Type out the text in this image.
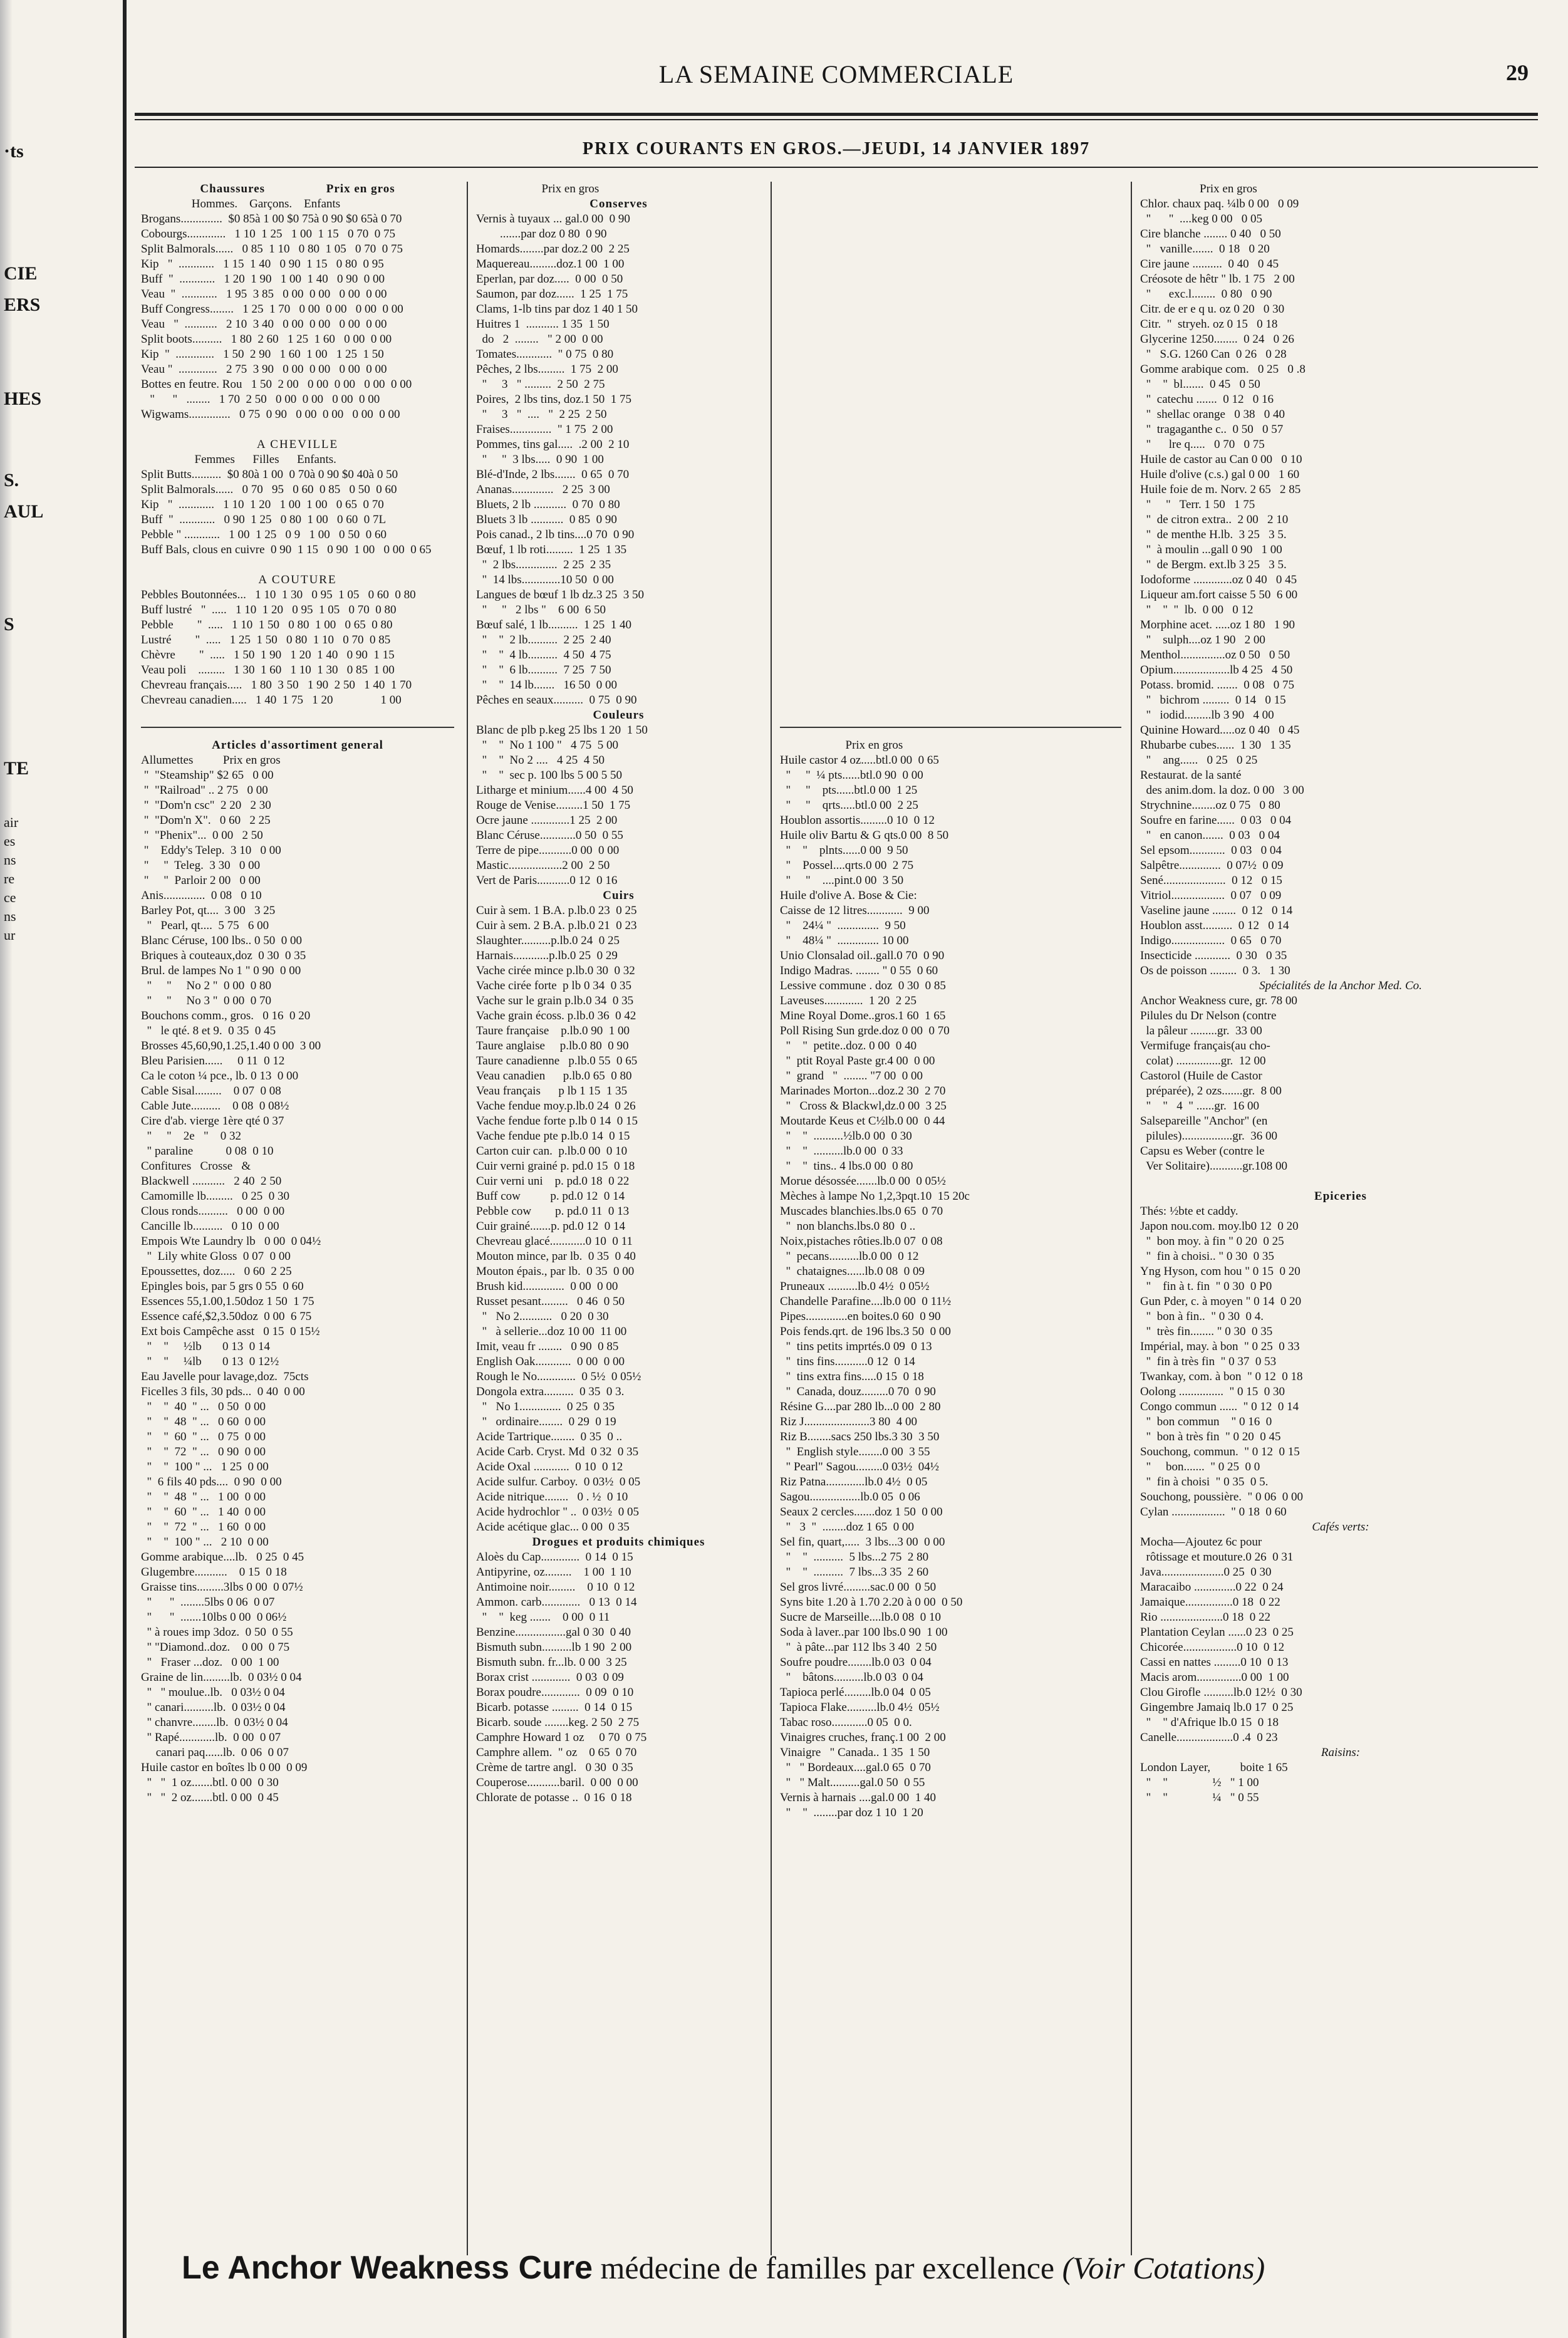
·ts
CIE
ERS
HES
S.
AUL
S
TE
air
es
ns
re
ce
ns
ur
LA SEMAINE COMMERCIALE	29
PRIX COURANTS EN GROS.—JEUDI, 14 JANVIER 1897
Chaussures                 Prix en gros
Hommes.    Garçons.    Enfants
Brogans..............  $0 85à 1 00 $0 75à 0 90 $0 65à 0 70
Cobourgs.............   1 10  1 25   1 00  1 15   0 70  0 75
Split Balmorals......   0 85  1 10   0 80  1 05   0 70  0 75
Kip   "  ............   1 15  1 40   0 90  1 15   0 80  0 95
Buff  "  ............   1 20  1 90   1 00  1 40   0 90  0 00
Veau  "  ............   1 95  3 85   0 00  0 00   0 00  0 00
Buff Congress........   1 25  1 70   0 00  0 00   0 00  0 00
Veau   "  ...........   2 10  3 40   0 00  0 00   0 00  0 00
Split boots..........   1 80  2 60   1 25  1 60   0 00  0 00
Kip  "  .............   1 50  2 90   1 60  1 00   1 25  1 50
Veau "  .............   2 75  3 90   0 00  0 00   0 00  0 00
Bottes en feutre. Rou   1 50  2 00   0 00  0 00   0 00  0 00
"      "   ........   1 70  2 50   0 00  0 00   0 00  0 00
Wigwams..............   0 75  0 90   0 00  0 00   0 00  0 00
A CHEVILLE
Femmes      Filles      Enfants.
Split Butts..........  $0 80à 1 00  0 70à 0 90 $0 40à 0 50
Split Balmorals......   0 70   95   0 60  0 85   0 50  0 60
Kip   "  ............   1 10  1 20   1 00  1 00   0 65  0 70
Buff  "  ............   0 90  1 25   0 80  1 00   0 60  0 7L
Pebble " ............   1 00  1 25   0 9   1 00   0 50  0 60
Buff Bals, clous en cuivre  0 90  1 15   0 90  1 00   0 00  0 65
A COUTURE
Pebbles Boutonnées...   1 10  1 30   0 95  1 05   0 60  0 80
Buff lustré   "  .....   1 10  1 20   0 95  1 05   0 70  0 80
Pebble        "  .....   1 10  1 50   0 80  1 00   0 65  0 80
Lustré        "  .....   1 25  1 50   0 80  1 10   0 70  0 85
Chèvre        "  .....   1 50  1 90   1 20  1 40   0 90  1 15
Veau poli    .........   1 30  1 60   1 10  1 30   0 85  1 00
Chevreau français.....   1 80  3 50   1 90  2 50   1 40  1 70
Chevreau canadien.....   1 40  1 75   1 20                1 00
Articles d'assortiment general
Allumettes          Prix en gros
"  "Steamship" $2 65   0 00
"  "Railroad" .. 2 75   0 00
"  "Dom'n csc"  2 20   2 30
"  "Dom'n X".   0 60   2 25
"  "Phenix"...  0 00   2 50
"    Eddy's Telep.  3 10   0 00
"     "  Teleg.  3 30   0 00
"     "  Parloir 2 00   0 00
Anis..............  0 08   0 10
Barley Pot, qt....  3 00   3 25
"   Pearl, qt....  5 75   6 00
Blanc Céruse, 100 lbs.. 0 50  0 00
Briques à couteaux,doz  0 30  0 35
Brul. de lampes No 1 " 0 90  0 00
"     "     No 2 "  0 00  0 80
"     "     No 3 "  0 00  0 70
Bouchons comm., gros.   0 16  0 20
"   le qté. 8 et 9.  0 35  0 45
Brosses 45,60,90,1.25,1.40 0 00  3 00
Bleu Parisien......     0 11  0 12
Ca le coton ¼ pce., lb. 0 13  0 00
Cable Sisal.........    0 07  0 08
Cable Jute..........    0 08  0 08½
Cire d'ab. vierge 1ère qté 0 37
"     "    2e   "    0 32
" paraline           0 08  0 10
Confitures   Crosse   &
Blackwell ...........   2 40  2 50
Camomille lb.........   0 25  0 30
Clous ronds..........   0 00  0 00
Cancille lb..........   0 10  0 00
Empois Wte Laundry lb   0 00  0 04½
"  Lily white Gloss  0 07  0 00
Epoussettes, doz.....   0 60  2 25
Epingles bois, par 5 grs 0 55  0 60
Essences 55,1.00,1.50doz 1 50  1 75
Essence café,$2,3.50doz  0 00  6 75
Ext bois Campêche asst   0 15  0 15½
"    "     ½lb       0 13  0 14
"    "     ¼lb       0 13  0 12½
Eau Javelle pour lavage,doz.  75cts
Ficelles 3 fils, 30 pds...  0 40  0 00
"    "  40  " ...   0 50  0 00
"    "  48  " ...   0 60  0 00
"    "  60  " ...   0 75  0 00
"    "  72  " ...   0 90  0 00
"    "  100 " ...   1 25  0 00
"  6 fils 40 pds....  0 90  0 00
"    "  48  " ...   1 00  0 00
"    "  60  " ...   1 40  0 00
"    "  72  " ...   1 60  0 00
"    "  100 " ...   2 10  0 00
Gomme arabique....lb.   0 25  0 45
Glugembre...........    0 15  0 18
Graisse tins.........3lbs 0 00  0 07½
"      "  ........5lbs 0 06  0 07
"      "  .......10lbs 0 00  0 06½
" à roues imp 3doz.  0 50  0 55
" "Diamond..doz.    0 00  0 75
"   Fraser ...doz.   0 00  1 00
Graine de lin.........lb.  0 03½ 0 04
"   " moulue..lb.   0 03½ 0 04
" canari..........lb.  0 03½ 0 04
" chanvre........lb.  0 03½ 0 04
" Rapé............lb.  0 00  0 07
canari paq......lb.  0 06  0 07
Huile castor en boîtes lb 0 00  0 09
"   "  1 oz.......btl. 0 00  0 30
"   "  2 oz.......btl. 0 00  0 45
Prix en gros
Conserves
Vernis à tuyaux ... gal.0 00  0 90
.......par doz 0 80  0 90
Homards........par doz.2 00  2 25
Maquereau.........doz.1 00  1 00
Eperlan, par doz.....  0 00  0 50
Saumon, par doz......  1 25  1 75
Clams, 1-lb tins par doz 1 40 1 50
Huitres 1  ........... 1 35  1 50
do   2  ........   " 2 00  0 00
Tomates............  " 0 75  0 80
Pêches, 2 lbs.........  1 75  2 00
"     3   " .........  2 50  2 75
Poires,  2 lbs tins, doz.1 50  1 75
"     3   "  ....   "  2 25  2 50
Fraises..............  " 1 75  2 00
Pommes, tins gal.....  .2 00  2 10
"     "  3 lbs.....  0 90  1 00
Blé-d'Inde, 2 lbs.......  0 65  0 70
Ananas..............   2 25  3 00
Bluets, 2 lb ...........  0 70  0 80
Bluets 3 lb ...........  0 85  0 90
Pois canad., 2 lb tins....0 70  0 90
Bœuf, 1 lb roti.........  1 25  1 35
"  2 lbs..............  2 25  2 35
"  14 lbs.............10 50  0 00
Langues de bœuf 1 lb dz.3 25  3 50
"     "   2 lbs "    6 00  6 50
Bœuf salé, 1 lb..........  1 25  1 40
"    "  2 lb..........  2 25  2 40
"    "  4 lb..........  4 50  4 75
"    "  6 lb..........  7 25  7 50
"    "  14 lb.......   16 50  0 00
Pêches en seaux..........  0 75  0 90
Couleurs
Blanc de plb p.keg 25 lbs 1 20  1 50
"    "  No 1 100 "   4 75  5 00
"    "  No 2 ....   4 25  4 50
"    "  sec p. 100 lbs 5 00 5 50
Litharge et minium......4 00  4 50
Rouge de Venise.........1 50  1 75
Ocre jaune .............1 25  2 00
Blanc Céruse............0 50  0 55
Terre de pipe...........0 00  0 00
Mastic..................2 00  2 50
Vert de Paris...........0 12  0 16
Cuirs
Cuir à sem. 1 B.A. p.lb.0 23  0 25
Cuir à sem. 2 B.A. p.lb.0 21  0 23
Slaughter..........p.lb.0 24  0 25
Harnais............p.lb.0 25  0 29
Vache cirée mince p.lb.0 30  0 32
Vache cirée forte  p lb 0 34  0 35
Vache sur le grain p.lb.0 34  0 35
Vache grain écoss. p.lb.0 36  0 42
Taure française    p.lb.0 90  1 00
Taure anglaise     p.lb.0 80  0 90
Taure canadienne   p.lb.0 55  0 65
Veau canadien      p.lb.0 65  0 80
Veau français      p lb 1 15  1 35
Vache fendue moy.p.lb.0 24  0 26
Vache fendue forte p.lb 0 14  0 15
Vache fendue pte p.lb.0 14  0 15
Carton cuir can.  p.lb.0 00  0 10
Cuir verni grainé p. pd.0 15  0 18
Cuir verni uni    p. pd.0 18  0 22
Buff cow          p. pd.0 12  0 14
Pebble cow        p. pd.0 11  0 13
Cuir grainé.......p. pd.0 12  0 14
Chevreau glacé............0 10  0 11
Mouton mince, par lb.  0 35  0 40
Mouton épais., par lb.  0 35  0 00
Brush kid..............  0 00  0 00
Russet pesant.........   0 46  0 50
"   No 2...........   0 20  0 30
"   à sellerie...doz 10 00  11 00
Imit, veau fr ........   0 90  0 85
English Oak............  0 00  0 00
Rough le No.............  0 5½  0 05½
Dongola extra..........  0 35  0 3.
"   No 1..............  0 25  0 35
"   ordinaire........  0 29  0 19
Acide Tartrique........  0 35  0 ..
Acide Carb. Cryst. Md  0 32  0 35
Acide Oxal ............  0 10  0 12
Acide sulfur. Carboy.  0 03½  0 05
Acide nitrique........   0 . ½  0 10
Acide hydrochlor " ..  0 03½  0 05
Acide acétique glac... 0 00  0 35
Drogues et produits chimiques
Aloès du Cap.............  0 14  0 15
Antipyrine, oz.........    1 00  1 10
Antimoine noir.........    0 10  0 12
Ammon. carb.............   0 13  0 14
"    "  keg .......    0 00  0 11
Benzine.................gal 0 30  0 40
Bismuth subn..........lb 1 90  2 00
Bismuth subn. fr...lb. 0 00  3 25
Borax crist .............  0 03  0 09
Borax poudre.............  0 09  0 10
Bicarb. potasse .........  0 14  0 15
Bicarb. soude ........keg. 2 50  2 75
Camphre Howard 1 oz     0 70  0 75
Camphre allem.  " oz    0 65  0 70
Crème de tartre angl.   0 30  0 35
Couperose...........baril.  0 00  0 00
Chlorate de potasse ..  0 16  0 18
Prix en gros
Huile castor 4 oz.....btl.0 00  0 65
"     "  ¼ pts......btl.0 90  0 00
"     "    pts......btl.0 00  1 25
"     "    qrts.....btl.0 00  2 25
Houblon assortis.........0 10  0 12
Huile oliv Bartu & G qts.0 00  8 50
"    "    plnts......0 00  9 50
"    Possel....qrts.0 00  2 75
"     "    ....pint.0 00  3 50
Huile d'olive A. Bose & Cie:
Caisse de 12 litres............  9 00
"    24¼ "  ..............  9 50
"    48¼ "  .............. 10 00
Unio Clonsalad oil..gall.0 70  0 90
Indigo Madras. ........ " 0 55  0 60
Lessive commune . doz  0 30  0 85
Laveuses.............  1 20  2 25
Mine Royal Dome..gros.1 60  1 65
Poll Rising Sun grde.doz 0 00  0 70
"    "  petite..doz. 0 00  0 40
"  ptit Royal Paste gr.4 00  0 00
"  grand   "  ........ "7 00  0 00
Marinades Morton...doz.2 30  2 70
"   Cross & Blackwl,dz.0 00  3 25
Moutarde Keus et C½lb.0 00  0 44
"    "  ..........½lb.0 00  0 30
"    "  ..........lb.0 00  0 33
"    "  tins.. 4 lbs.0 00  0 80
Morue désossée.......lb.0 00  0 05½
Mèches à lampe No 1,2,3pqt.10  15 20c
Muscades blanchies.lbs.0 65  0 70
"  non blanchs.lbs.0 80  0 ..
Noix,pistaches rôties.lb.0 07  0 08
"  pecans..........lb.0 00  0 12
"  chataignes......lb.0 08  0 09
Pruneaux ..........lb.0 4½  0 05½
Chandelle Parafine....lb.0 00  0 11½
Pipes..............en boites.0 60  0 90
Pois fends.qrt. de 196 lbs.3 50  0 00
"  tins petits imprtés.0 09  0 13
"  tins fins...........0 12  0 14
"  tins extra fins.....0 15  0 18
"  Canada, douz.........0 70  0 90
Résine G....par 280 lb...0 00  2 80
Riz J......................3 80  4 00
Riz B........sacs 250 lbs.3 30  3 50
"  English style........0 00  3 55
" Pearl" Sagou.........0 03½  04½
Riz Patna.............lb.0 4½  0 05
Sagou.................lb.0 05  0 06
Seaux 2 cercles.......doz 1 50  0 00
"   3  "  ........doz 1 65  0 00
Sel fin, quart,.....  3 lbs...3 00  0 00
"    "  ..........  5 lbs...2 75  2 80
"    "  ..........  7 lbs...3 35  2 60
Sel gros livré.........sac.0 00  0 50
Syns bite 1.20 à 1.70 2.20 à 0 00  0 50
Sucre de Marseille....lb.0 08  0 10
Soda à laver..par 100 lbs.0 90  1 00
"  à pâte...par 112 lbs 3 40  2 50
Soufre poudre........lb.0 03  0 04
"    bâtons..........lb.0 03  0 04
Tapioca perlé.........lb.0 04  0 05
Tapioca Flake..........lb.0 4½  05½
Tabac roso............0 05  0 0.
Vinaigres cruches, franç.1 00  2 00
Vinaigre   " Canada.. 1 35  1 50
"   " Bordeaux....gal.0 65  0 70
"   " Malt..........gal.0 50  0 55
Vernis à harnais ....gal.0 00  1 40
"    "  ........par doz 1 10  1 20
Prix en gros
Chlor. chaux paq. ¼lb 0 00   0 09
"      "  ....keg 0 00   0 05
Cire blanche ........ 0 40   0 50
"   vanille.......  0 18   0 20
Cire jaune ..........  0 40   0 45
Créosote de hêtr " lb. 1 75   2 00
"      exc.l........  0 80   0 90
Citr. de er e q u. oz 0 20   0 30
Citr.  "  stryeh. oz 0 15   0 18
Glycerine 1250........  0 24   0 26
"   S.G. 1260 Can  0 26   0 28
Gomme arabique com.   0 25   0 .8
"    "  bl.......  0 45   0 50
"  catechu .......  0 12   0 16
"  shellac orange   0 38   0 40
"  tragaganthe c..  0 50   0 57
"      lre q.....   0 70   0 75
Huile de castor au Can 0 00   0 10
Huile d'olive (c.s.) gal 0 00   1 60
Huile foie de m. Norv. 2 65   2 85
"     "   Terr. 1 50   1 75
"  de citron extra..  2 00   2 10
"  de menthe H.lb.  3 25   3 5.
"  à moulin ...gall 0 90   1 00
"  de Bergm. ext.lb 3 25   3 5.
Iodoforme .............oz 0 40   0 45
Liqueur am.fort caisse 5 50  6 00
"    "  "  lb.  0 00   0 12
Morphine acet. .....oz 1 80   1 90
"    sulph....oz 1 90   2 00
Menthol...............oz 0 50   0 50
Opium...................lb 4 25   4 50
Potass. bromid. .......  0 08   0 75
"   bichrom .........  0 14   0 15
"   iodid.........lb 3 90   4 00
Quinine Howard.....oz 0 40   0 45
Rhubarbe cubes......  1 30   1 35
"    ang......   0 25   0 25
Restaurat. de la santé
des anim.dom. la doz. 0 00   3 00
Strychnine........oz 0 75   0 80
Soufre en farine......  0 03   0 04
"   en canon.......  0 03   0 04
Sel epsom............  0 03   0 04
Salpêtre..............  0 07½  0 09
Sené.....................  0 12   0 15
Vitriol..................  0 07   0 09
Vaseline jaune ........  0 12   0 14
Houblon asst..........  0 12   0 14
Indigo..................  0 65   0 70
Insecticide ............  0 30   0 35
Os de poisson .........  0 3.   1 30
Spécialités de la Anchor Med. Co.
Anchor Weakness cure, gr. 78 00
Pilules du Dr Nelson (contre
la pâleur .........gr.  33 00
Vermifuge français(au cho-
colat) ...............gr.  12 00
Castorol (Huile de Castor
préparée), 2 ozs.......gr.  8 00
"    "   4  " ......gr.  16 00
Salsepareille "Anchor" (en
pilules).................gr.  36 00
Capsu es Weber (contre le
Ver Solitaire)...........gr.108 00
Epiceries
Thés: ½bte et caddy.
Japon nou.com. moy.lb0 12  0 20
"  bon moy. à fin " 0 20  0 25
"  fin à choisi.. " 0 30  0 35
Yng Hyson, com hou " 0 15  0 20
"    fin à t. fin  " 0 30  0 P0
Gun Pder, c. à moyen " 0 14  0 20
"  bon à fin..  " 0 30  0 4.
"  très fin........ " 0 30  0 35
Impérial, may. à bon  " 0 25  0 33
"  fin à très fin  " 0 37  0 53
Twankay, com. à bon  " 0 12  0 18
Oolong ...............  " 0 15  0 30
Congo commun ......  " 0 12  0 14
"  bon commun    " 0 16  0
"  bon à très fin  " 0 20  0 45
Souchong, commun.  " 0 12  0 15
"     bon.......  " 0 25  0 0
"  fin à choisi  " 0 35  0 5.
Souchong, poussière.  " 0 06  0 00
Cylan ..................  " 0 18  0 60
Cafés verts:
Mocha—Ajoutez 6c pour
rôtissage et mouture.0 26  0 31
Java.....................0 25  0 30
Maracaibo ..............0 22  0 24
Jamaique................0 18  0 22
Rio .....................0 18  0 22
Plantation Ceylan ......0 23  0 25
Chicorée..................0 10  0 12
Cassi en nattes .........0 10  0 13
Macis arom...............0 00  1 00
Clou Girofle ..........lb.0 12½  0 30
Gingembre Jamaiq lb.0 17  0 25
"    " d'Afrique lb.0 15  0 18
Canelle...................0 .4  0 23
Raisins:
London Layer,          boite 1 65
"    "               ½   " 1 00
"    "               ¼   " 0 55
Le Anchor Weakness Cure médecine de familles par excellence (Voir Cotations)
